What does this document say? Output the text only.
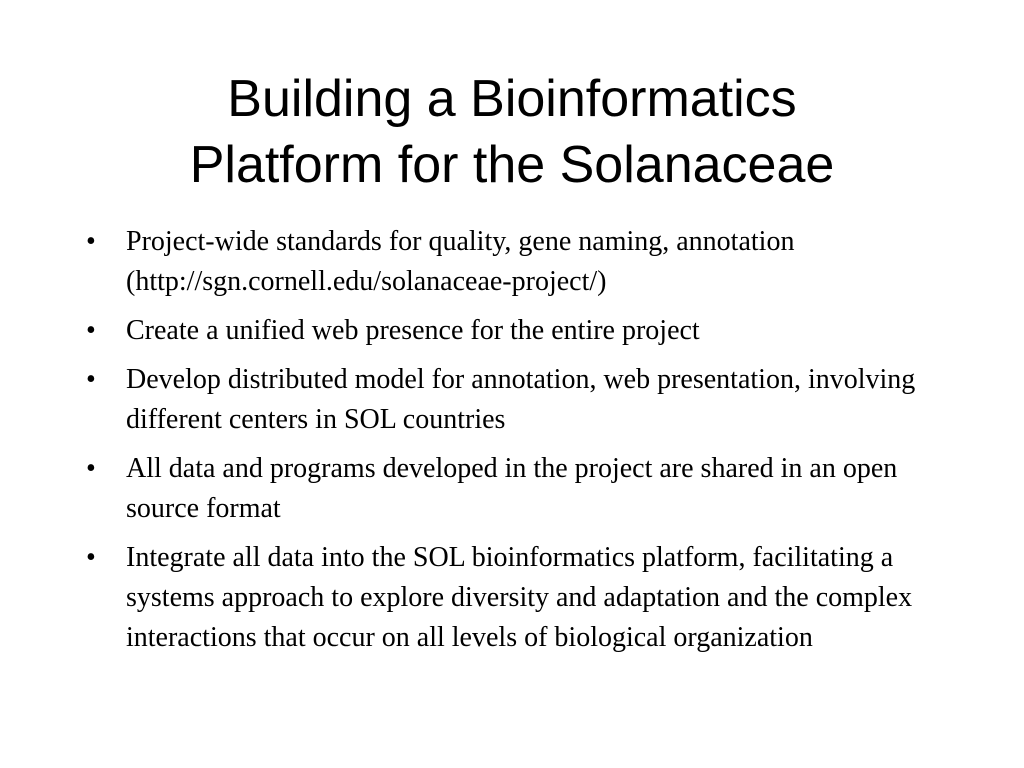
Building a Bioinformatics
Platform for the Solanaceae
•	Project-wide standards for quality, gene naming, annotation (http://sgn.cornell.edu/solanaceae-project/)
•	Create a unified web presence for the entire project
•	Develop distributed model for annotation, web presentation, involving different centers in SOL countries
•	All data and programs developed in the project are shared in an open source format
•	Integrate all data into the SOL bioinformatics platform, facilitating a systems approach to explore diversity and adaptation and the complex interactions that occur on all levels of biological organization
